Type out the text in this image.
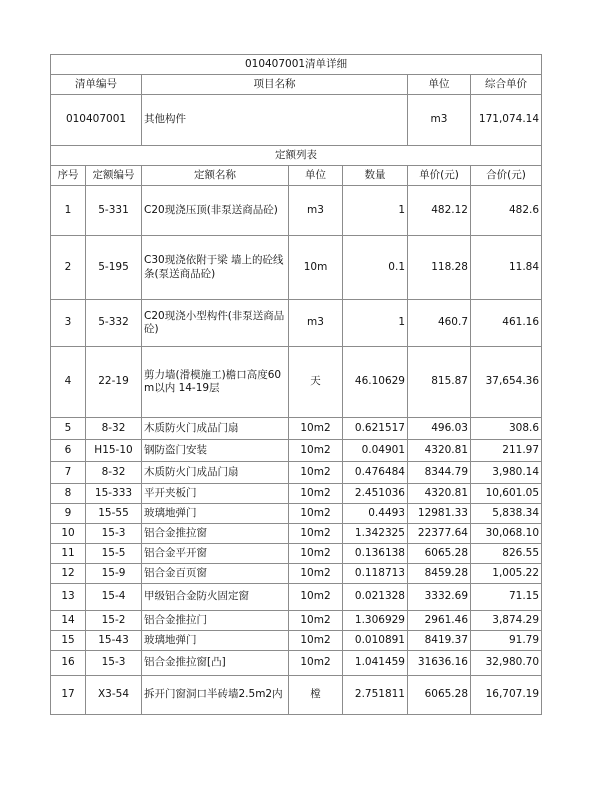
010407001清单详细						
清单编号		项目名称			单位	综合单价
010407001		其他构件			m3	171,074.14
定额列表						
序号	定额编号	定额名称	单位	数量	单价(元)	合价(元)
1	5-331	C20现浇压顶(非泵送商品砼)	m3	1	482.12	482.6
2	5-195	C30现浇依附于梁 墙上的砼线条(泵送商品砼)	10m	0.1	118.28	11.84
3	5-332	C20现浇小型构件(非泵送商品砼)	m3	1	460.7	461.16
4	22-19	剪力墙(滑模施工)檐口高度60m以内 14-19层	天	46.10629	815.87	37,654.36
5	8-32	木质防火门成品门扇	10m2	0.621517	496.03	308.6
6	H15-10	钢防盗门安装	10m2	0.04901	4320.81	211.97
7	8-32	木质防火门成品门扇	10m2	0.476484	8344.79	3,980.14
8	15-333	平开夹板门	10m2	2.451036	4320.81	10,601.05
9	15-55	玻璃地弹门	10m2	0.4493	12981.33	5,838.34
10	15-3	铝合金推拉窗	10m2	1.342325	22377.64	30,068.10
11	15-5	铝合金平开窗	10m2	0.136138	6065.28	826.55
12	15-9	铝合金百页窗	10m2	0.118713	8459.28	1,005.22
13	15-4	甲级铝合金防火固定窗	10m2	0.021328	3332.69	71.15
14	15-2	铝合金推拉门	10m2	1.306929	2961.46	3,874.29
15	15-43	玻璃地弹门	10m2	0.010891	8419.37	91.79
16	15-3	铝合金推拉窗[凸]	10m2	1.041459	31636.16	32,980.70
17	X3-54	拆开门窗洞口半砖墙2.5m2内	樘	2.751811	6065.28	16,707.19
